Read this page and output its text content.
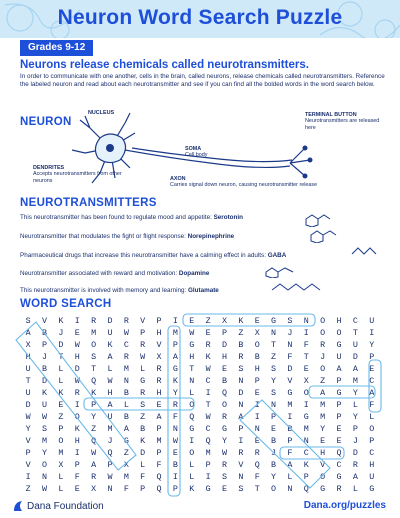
Neuron Word Search Puzzle
Grades 9-12
Neurons release chemicals called neurotransmitters.
In order to communicate with one another, cells in the brain, called neurons, release chemicals called neurotransmitters. Reference the labeled neuron and read about each neurotransmitter and see if you can find all the bolded words in the word search below.
NEURON
NUCLEUS
SOMA
Cell body
DENDRITES
Accepts neurotransmitters from other neurons	AXON
Carries signal down neuron, causing neurotransmitter release
TERMINAL BUTTON
Neurotransmitters are released here
NEUROTRANSMITTERS
This neurotransmitter has been found to regulate mood and appetite: Serotonin
Neurotransmitter that modulates the fight or flight response: Norepinephrine
Pharmaceutical drugs that increase this neurotransmitter have a calming effect in adults: GABA
Neurotransmitter associated with reward and motivation: Dopamine
This neurotransmitter is involved with memory and learning: Glutamate
WORD SEARCH
S	V	K	I	R	D	R	V	P	I	E	Z	X	K	E	G	S	N	O	H	C	U
A	B	J	E	M	U	W	P	H	M	W	E	P	Z	X	N	J	I	O	O	T	I
X	P	D	W	O	K	C	R	V	P	G	R	D	B	O	T	N	F	R	G	U	Y
H	J	T	H	S	A	R	W	X	A	H	K	H	R	B	Z	F	T	J	U	D	P
U	B	L	D	T	L	M	L	R	G	T	W	E	S	H	S	D	E	O	A	A	E
T	D	L	W	Q	W	N	G	R	K	N	C	B	N	P	Y	V	X	Z	P	M	C
U	K	K	R	K	H	B	R	H	Y	L	I	Q	D	E	S	G	O	A	G	Y	A
D	U	E	I	P	A	L	S	E	R	O	T	O	N	I	N	M	I	M	P	L	F
W	W	Z	O	Y	U	B	Z	A	F	Q	W	R	A	I	P	I	G	M	P	Y	L
Y	S	P	K	Z	M	A	B	P	N	G	C	G	P	N	E	B	M	Y	E	P	O
V	M	O	H	Q	J	G	K	M	W	I	Q	Y	I	E	B	P	N	E	E	J	P
P	Y	M	I	W	Q	Z	D	P	E	O	M	W	R	R	J	F	C	H	Q	D	C
V	O	X	P	A	P	X	L	F	B	L	P	R	V	Q	B	A	K	V	C	R	H
I	N	L	F	R	W	M	F	Q	I	L	I	S	N	F	Y	L	P	O	G	A	U
Z	W	L	E	X	N	F	P	Q	P	K	G	E	S	T	O	N	Q	G	R	L	G
Dana Foundation	Dana.org/puzzles
